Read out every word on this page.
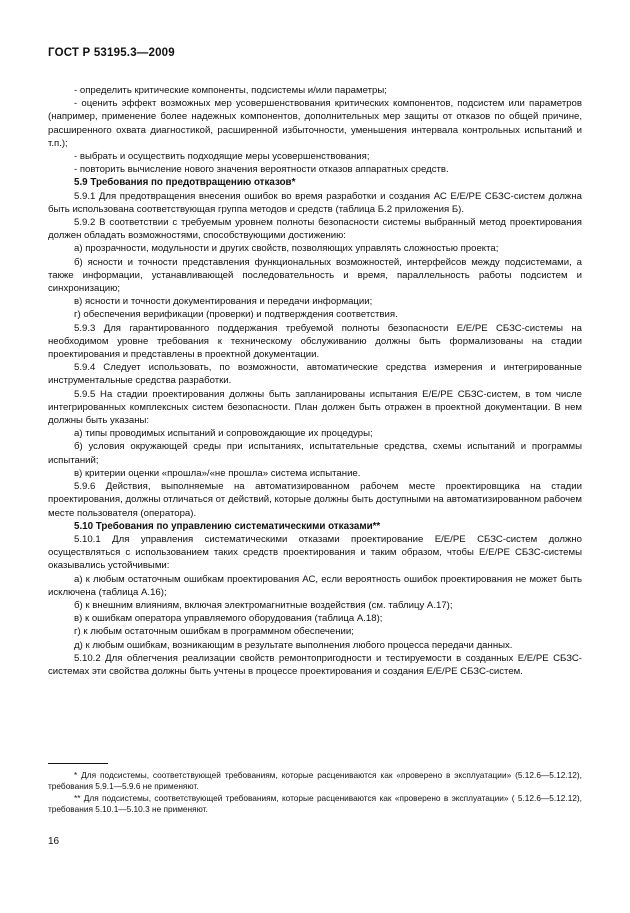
ГОСТ Р 53195.3—2009

- определить критические компоненты, подсистемы и/или параметры;

- оценить эффект возможных мер усовершенствования критических компонентов, подсистем или параметров (например, применение более надежных компонентов, дополнительных мер защиты от отказов по общей причине, расширенного охвата диагностикой, расширенной избыточности, уменьшения интервала контрольных испытаний и т.п.);

- выбрать и осуществить подходящие меры усовершенствования;

- повторить вычисление нового значения вероятности отказов аппаратных средств.

5.9 Требования по предотвращению отказов*

5.9.1 Для предотвращения внесения ошибок во время разработки и создания АС Е/Е/РЕ СБЗС-систем должна быть использована соответствующая группа методов и средств (таблица Б.2 приложения Б).

5.9.2 В соответствии с требуемым уровнем полноты безопасности системы выбранный метод проектирования должен обладать возможностями, способствующими достижению:

а) прозрачности, модульности и других свойств, позволяющих управлять сложностью проекта;

б) ясности и точности представления функциональных возможностей, интерфейсов между подсистемами, а также информации, устанавливающей последовательность и время, параллельность работы подсистем и синхронизацию;

в) ясности и точности документирования и передачи информации;

г) обеспечения верификации (проверки) и подтверждения соответствия.

5.9.3 Для гарантированного поддержания требуемой полноты безопасности Е/Е/РЕ СБЗС-системы на необходимом уровне требования к техническому обслуживанию должны быть формализованы на стадии проектирования и представлены в проектной документации.

5.9.4 Следует использовать, по возможности, автоматические средства измерения и интегрированные инструментальные средства разработки.

5.9.5 На стадии проектирования должны быть запланированы испытания Е/Е/РЕ СБЗС-систем, в том числе интегрированных комплексных систем безопасности. План должен быть отражен в проектной документации. В нем должны быть указаны:

а) типы проводимых испытаний и сопровождающие их процедуры;

б) условия окружающей среды при испытаниях, испытательные средства, схемы испытаний и программы испытаний;

в) критерии оценки «прошла»/«не прошла» система испытание.

5.9.6 Действия, выполняемые на автоматизированном рабочем месте проектировщика на стадии проектирования, должны отличаться от действий, которые должны быть доступными на автоматизированном рабочем месте пользователя (оператора).

5.10 Требования по управлению систематическими отказами**

5.10.1 Для управления систематическими отказами проектирование Е/Е/РЕ СБЗС-систем должно осуществляться с использованием таких средств проектирования и таким образом, чтобы Е/Е/РЕ СБЗС-системы оказывались устойчивыми:

а) к любым остаточным ошибкам проектирования АС, если вероятность ошибок проектирования не может быть исключена (таблица А.16);

б) к внешним влияниям, включая электромагнитные воздействия (см. таблицу А.17);

в) к ошибкам оператора управляемого оборудования (таблица А.18);

г) к любым остаточным ошибкам в программном обеспечении;

д) к любым ошибкам, возникающим в результате выполнения любого процесса передачи данных.

5.10.2 Для облегчения реализации свойств ремонтопригодности и тестируемости в созданных Е/Е/РЕ СБЗС-системах эти свойства должны быть учтены в процессе проектирования и создания Е/Е/РЕ СБЗС-систем.

* Для подсистемы, соответствующей требованиям, которые расцениваются как «проверено в эксплуатации» (5.12.6—5.12.12), требования 5.9.1—5.9.6 не применяют.

** Для подсистемы, соответствующей требованиям, которые расцениваются как «проверено в эксплуатации» ( 5.12.6—5.12.12), требования 5.10.1—5.10.3 не применяют.

16
